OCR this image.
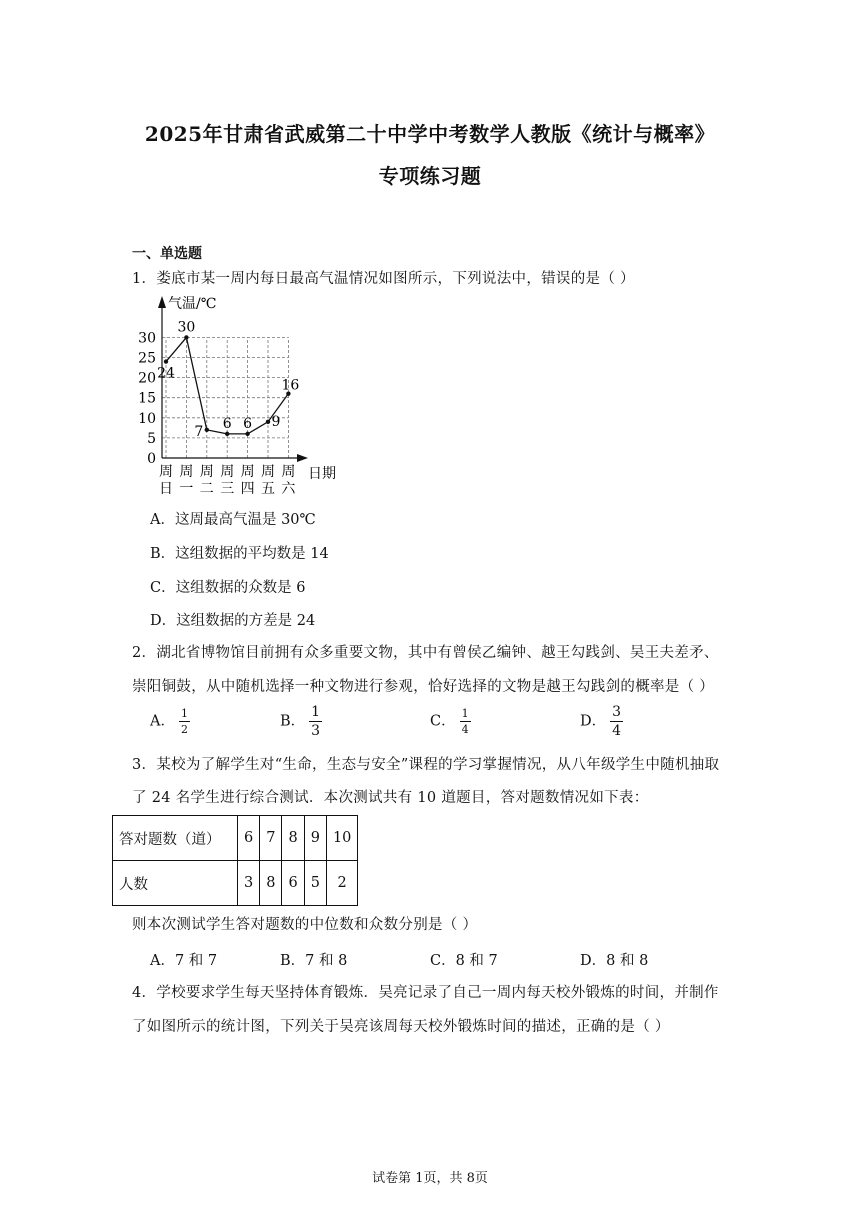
2025年甘肃省武威第二十中学中考数学人教版《统计与概率》
专项练习题
一、单选题
1．娄底市某一周内每日最高气温情况如图所示，下列说法中，错误的是（ ）
气温/℃
日期
0
5
10
15
20
25
30
周
日
周
一
周
二
周
三
周
四
周
五
周
六
24
30
7 6 6 9
16
A．这周最高气温是 30℃
B．这组数据的平均数是 14
C．这组数据的众数是 6
D．这组数据的方差是 24
2．湖北省博物馆目前拥有众多重要文物，其中有曾侯乙编钟、越王勾践剑、吴王夫差矛、
崇阳铜鼓，从中随机选择一种文物进行参观，恰好选择的文物是越王勾践剑的概率是（ ）
A． $\frac{1}{2}$	B． $\frac{1}{3}$	C． $\frac{1}{4}$	D． $\frac{3}{4}$
3．某校为了解学生对“生命，生态与安全”课程的学习掌握情况，从八年级学生中随机抽取
了 24 名学生进行综合测试．本次测试共有 10 道题目，答对题数情况如下表：
答对题数（道）	6	7	8	9	10
人数	3	8	6	5	2
则本次测试学生答对题数的中位数和众数分别是（ ）
A．7 和 7	B．7 和 8	C．8 和 7	D．8 和 8
4．学校要求学生每天坚持体育锻炼．吴亮记录了自己一周内每天校外锻炼的时间，并制作
了如图所示的统计图，下列关于吴亮该周每天校外锻炼时间的描述，正确的是（ ）
试卷第 1页，共 8页
